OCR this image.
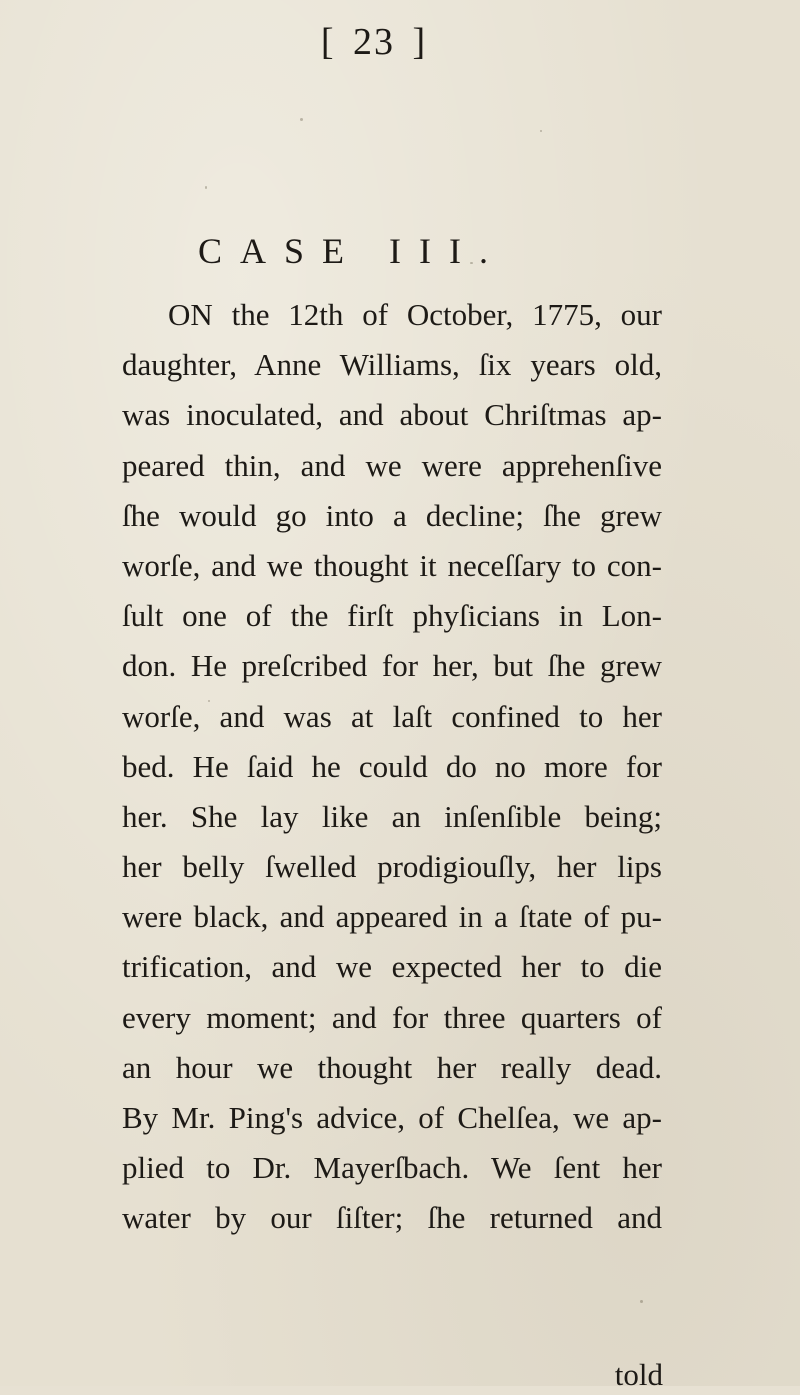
[ 23 ]
CASE III.
ON the 12th of October, 1775, our
daughter, Anne Williams, ſix years old,
was inoculated, and about Chriſtmas ap-
peared thin, and we were apprehenſive
ſhe would go into a decline; ſhe grew
worſe, and we thought it neceſſary to con-
ſult one of the firſt phyſicians in Lon-
don. He preſcribed for her, but ſhe grew
worſe, and was at laſt confined to her
bed. He ſaid he could do no more for
her. She lay like an inſenſible being;
her belly ſwelled prodigiouſly, her lips
were black, and appeared in a ſtate of pu-
trification, and we expected her to die
every moment; and for three quarters of
an hour we thought her really dead.
By Mr. Ping's advice, of Chelſea, we ap-
plied to Dr. Mayerſbach. We ſent her
water by our ſiſter; ſhe returned and
told
